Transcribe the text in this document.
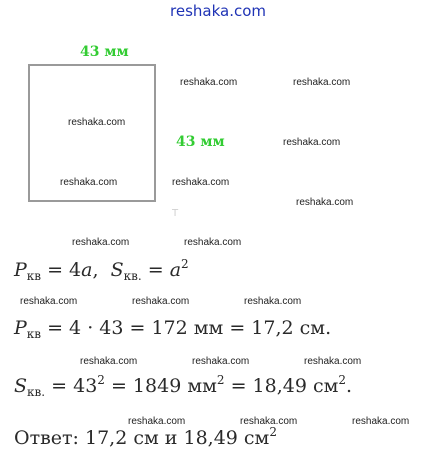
reshaka.com
43 мм
43 мм
T
reshaka.com
reshaka.com
reshaka.com	reshaka.com
reshaka.com
reshaka.com
reshaka.com
reshaka.com	reshaka.com
reshaka.com	reshaka.com	reshaka.com
reshaka.com	reshaka.com	reshaka.com
reshaka.com	reshaka.com	reshaka.com
$P_{кв} = 4a$,  $S_{кв.} = a^2$
$P_{кв} = 4 \cdot 43 = 172$ мм = 17,2 см.
$S_{кв.} = 43^2 = 1849$ $мм^2 = 18,49$ $см^2$.
Ответ: 17,2 см и 18,49 $см^2$
